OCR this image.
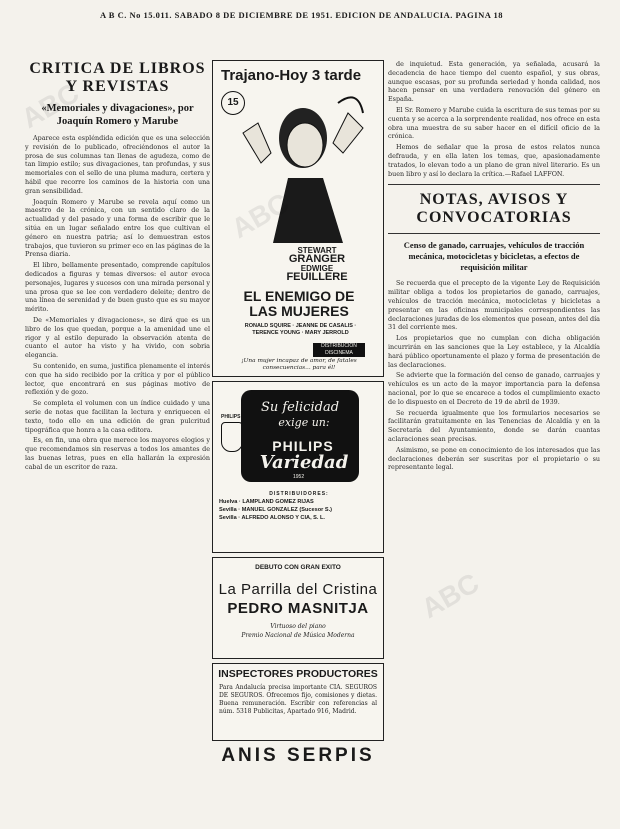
A B C. No 15.011. SABADO 8 DE DICIEMBRE DE 1951. EDICION DE ANDALUCIA. PAGINA 18
CRITICA DE LIBROS Y REVISTAS
«Memoriales y divagaciones», por Joaquín Romero y Marube

Aparece esta espléndida edición que es una selección y revisión de lo publicado, ofreciéndonos el autor la prosa de sus columnas tan llenas de agudeza, como de tan limpio estilo; sus divagaciones, tan profundas, y sus memoriales con el sello de una pluma madura, certera y hábil que recorre los caminos de la historia con una gran sensibilidad.

Joaquín Romero y Marube se revela aquí como un maestro de la crónica, con un sentido claro de la actualidad y del pasado y una forma de escribir que le sitúa en un lugar señalado entre los que cultivan el género en nuestra patria; así lo demuestran estos trabajos, que tuvieron su primer eco en las páginas de la Prensa diaria.

El libro, bellamente presentado, comprende capítulos dedicados a figuras y temas diversos: el autor evoca personajes, lugares y sucesos con una mirada personal y una prosa que se lee con verdadero deleite; dentro de una línea de serenidad y de buen gusto que es su mayor mérito.

De «Memoriales y divagaciones», se dirá que es un libro de los que quedan, porque a la amenidad une el rigor y al estilo depurado la observación atenta de cuanto el autor ha visto y ha vivido, con sobria elegancia.

Su contenido, en suma, justifica plenamente el interés con que ha sido recibido por la crítica y por el público lector, que encontrará en sus páginas motivo de reflexión y de gozo.

Se completa el volumen con un índice cuidado y una serie de notas que facilitan la lectura y enriquecen el texto, todo ello en una edición de gran pulcritud tipográfica que honra a la casa editora.

Es, en fin, una obra que merece los mayores elogios y que recomendamos sin reservas a todos los amantes de las buenas letras, pues en ella hallarán la expresión cabal de un escritor de raza.

Trajano-Hoy 3 tarde
15
STEWART
GRANGER
EDWIGE
FEUILLERE
EL ENEMIGO DE LAS MUJERES
RONALD SQUIRE · JEANNE DE CASALIS · TERENCE YOUNG · MARY JERROLD
DISTRIBUCION DISCINEMA
¡Una mujer incapaz de amor, de fatales consecuencias... para él!
PHILIPS
Su felicidad
exige un:
PHILIPS
Variedad
1952
DISTRIBUIDORES:
Huelva · LAMPLAND GOMEZ RIJAS
Sevilla · MANUEL GONZALEZ (Sucesor S.)
Sevilla · ALFREDO ALONSO Y CIA, S. L.
DEBUTO CON GRAN EXITO
La Parrilla del Cristina
PEDRO MASNITJA
Virtuoso del piano
Premio Nacional de Música Moderna
INSPECTORES PRODUCTORES
Para Andalucía precisa importante CIA. SEGUROS DE SEGUROS. Ofrecemos fijo, comisiones y dietas. Buena remuneración. Escribir con referencias al núm. 5318 Publicitas, Apartado 916, Madrid.
ANIS SERPIS

de inquietud. Esta generación, ya señalada, acusará la decadencia de hace tiempo del cuento español, y sus obras, aunque escasas, por su profunda seriedad y honda calidad, nos hacen pensar en una verdadera renovación del género en España.

El Sr. Romero y Marube cuida la escritura de sus temas por su cuenta y se acerca a la sorprendente realidad, nos ofrece en esta obra una muestra de su saber hacer en el difícil oficio de la crónica.

Hemos de señalar que la prosa de estos relatos nunca defrauda, y en ella laten los temas, que, apasionadamente tratados, lo elevan todo a un plano de gran nivel literario. Es un buen libro y así lo declara la crítica.—Rafael LAFFON.

NOTAS, AVISOS Y CONVOCATORIAS
Censo de ganado, carruajes, vehículos de tracción mecánica, motocicletas y bicicletas, a efectos de requisición militar

Se recuerda que el precepto de la vigente Ley de Requisición militar obliga a todos los propietarios de ganado, carruajes, vehículos de tracción mecánica, motocicletas y bicicletas a presentar en las oficinas municipales correspondientes las declaraciones juradas de los elementos que posean, antes del día 31 del corriente mes.

Los propietarios que no cumplan con dicha obligación incurrirán en las sanciones que la Ley establece, y la Alcaldía hará público oportunamente el plazo y forma de presentación de las declaraciones.

Se advierte que la formación del censo de ganado, carruajes y vehículos es un acto de la mayor importancia para la defensa nacional, por lo que se encarece a todos el cumplimiento exacto de lo dispuesto en el Decreto de 19 de abril de 1939.

Se recuerda igualmente que los formularios necesarios se facilitarán gratuitamente en las Tenencias de Alcaldía y en la Secretaría del Ayuntamiento, donde se darán cuantas aclaraciones sean precisas.

Asimismo, se pone en conocimiento de los interesados que las declaraciones deberán ser suscritas por el propietario o su representante legal.

ABC
ABC
